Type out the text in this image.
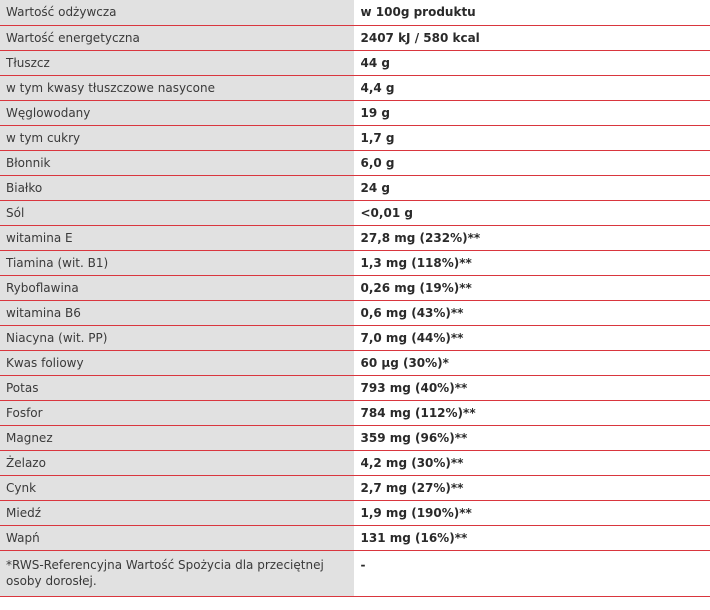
Wartość odżywcza	w 100g produktu
Wartość energetyczna	2407 kJ / 580 kcal
Tłuszcz	44 g
w tym kwasy tłuszczowe nasycone	4,4 g
Węglowodany	19 g
w tym cukry	1,7 g
Błonnik	6,0 g
Białko	24 g
Sól	<0,01 g
witamina E	27,8 mg (232%)**
Tiamina (wit. B1)	1,3 mg (118%)**
Ryboflawina	0,26 mg (19%)**
witamina B6	0,6 mg (43%)**
Niacyna (wit. PP)	7,0 mg (44%)**
Kwas foliowy	60 µg (30%)*
Potas	793 mg (40%)**
Fosfor	784 mg (112%)**
Magnez	359 mg (96%)**
Żelazo	4,2 mg (30%)**
Cynk	2,7 mg (27%)**
Miedź	1,9 mg (190%)**
Wapń	131 mg (16%)**
*RWS-Referencyjna Wartość Spożycia dla przeciętnej osoby dorosłej.	-
